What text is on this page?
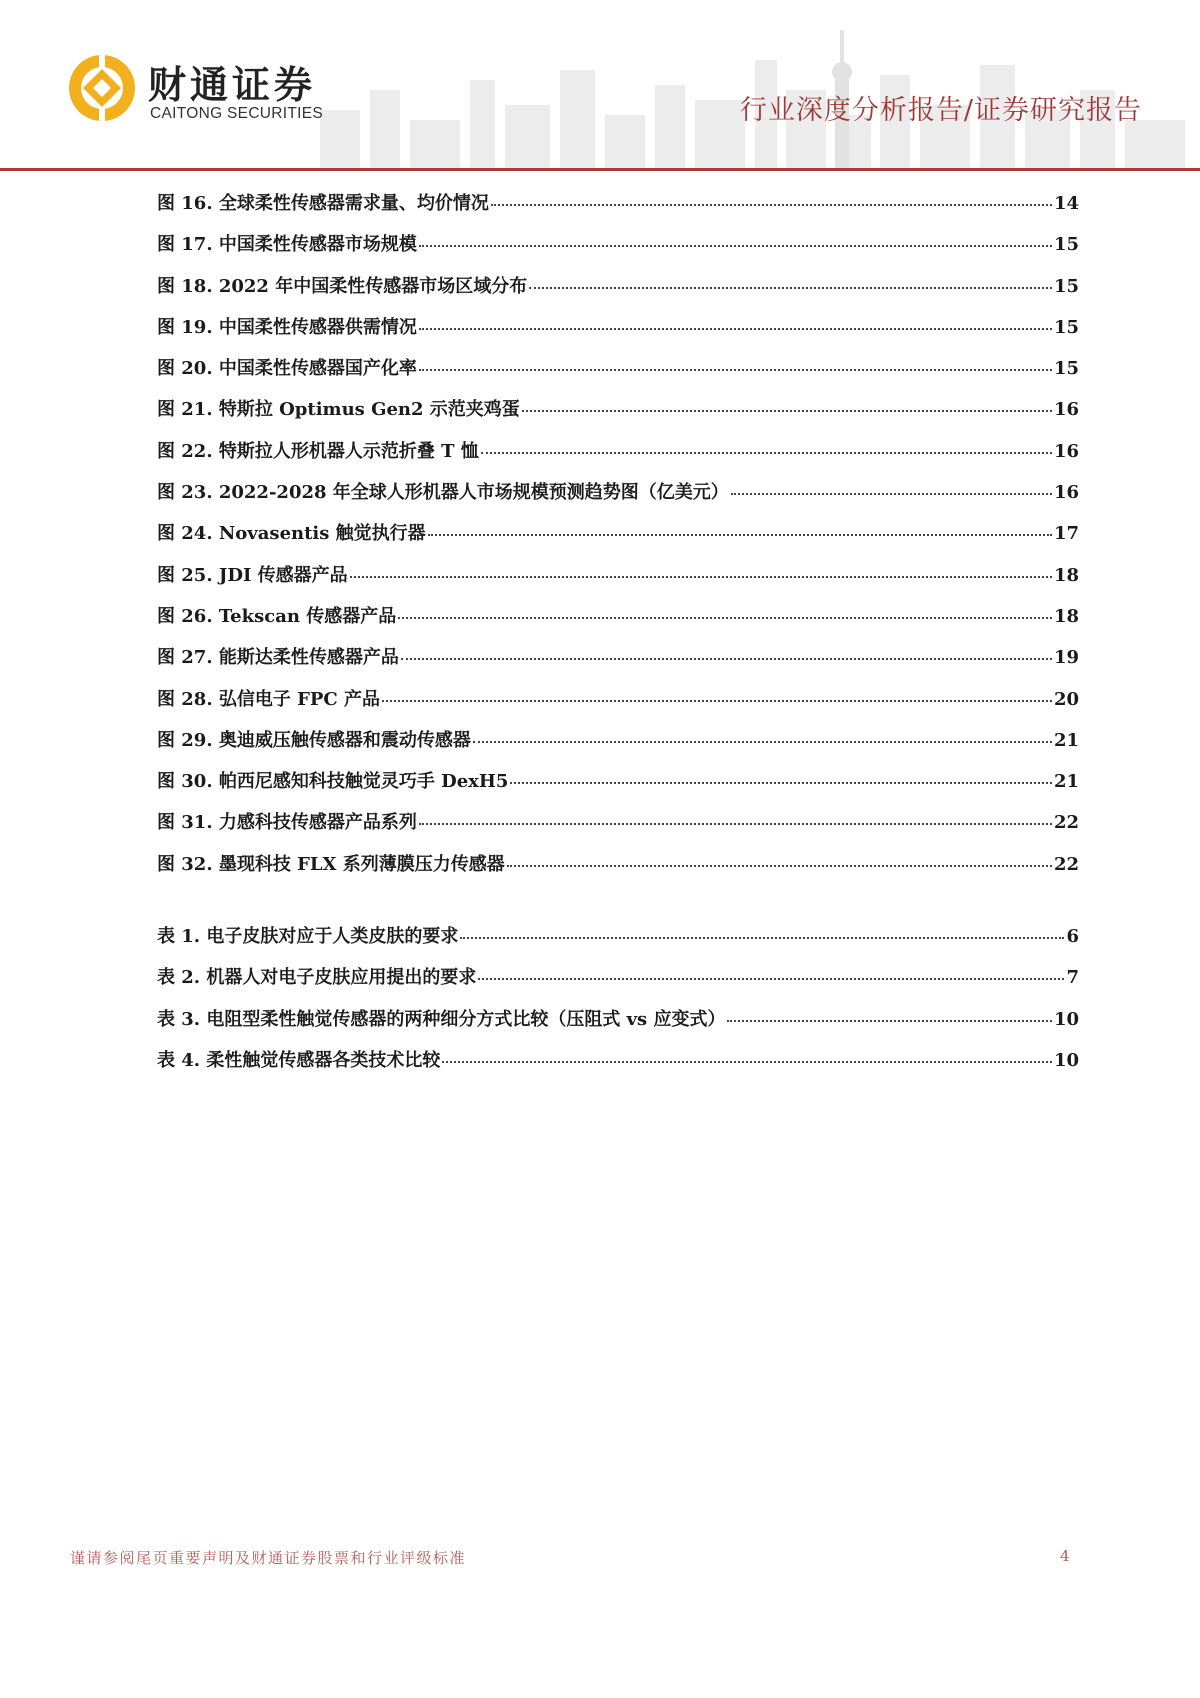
财通证券
CAITONG SECURITIES	行业深度分析报告/证券研究报告
图 16. 全球柔性传感器需求量、均价情况	14
图 17. 中国柔性传感器市场规模	15
图 18. 2022 年中国柔性传感器市场区域分布	15
图 19. 中国柔性传感器供需情况	15
图 20. 中国柔性传感器国产化率	15
图 21. 特斯拉 Optimus Gen2 示范夹鸡蛋	16
图 22. 特斯拉人形机器人示范折叠 T 恤	16
图 23. 2022-2028 年全球人形机器人市场规模预测趋势图（亿美元）	16
图 24. Novasentis 触觉执行器	17
图 25. JDI 传感器产品	18
图 26. Tekscan 传感器产品	18
图 27. 能斯达柔性传感器产品	19
图 28. 弘信电子 FPC 产品	20
图 29. 奥迪威压触传感器和震动传感器	21
图 30. 帕西尼感知科技触觉灵巧手 DexH5	21
图 31. 力感科技传感器产品系列	22
图 32. 墨现科技 FLX 系列薄膜压力传感器	22
表 1. 电子皮肤对应于人类皮肤的要求	6
表 2. 机器人对电子皮肤应用提出的要求	7
表 3. 电阻型柔性触觉传感器的两种细分方式比较（压阻式 vs 应变式）	10
表 4. 柔性触觉传感器各类技术比较	10
谨请参阅尾页重要声明及财通证券股票和行业评级标准	4
